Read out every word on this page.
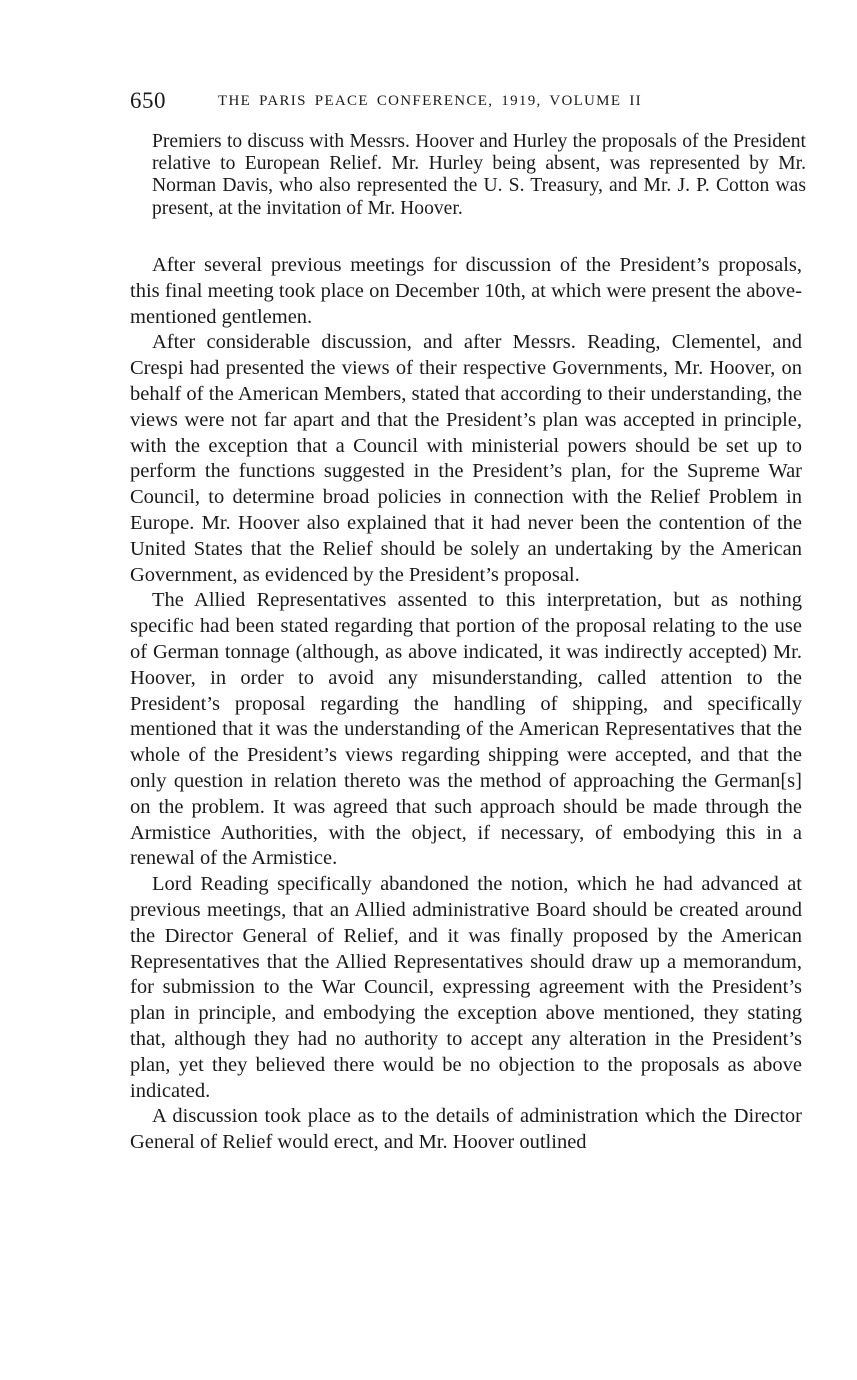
650	THE PARIS PEACE CONFERENCE, 1919, VOLUME II

Premiers to discuss with Messrs. Hoover and Hurley the proposals of the President relative to European Relief. Mr. Hurley being absent, was represented by Mr. Norman Davis, who also represented the U. S. Treasury, and Mr. J. P. Cotton was present, at the invitation of Mr. Hoover.

After several previous meetings for discussion of the President’s proposals, this final meeting took place on December 10th, at which were present the above-mentioned gentlemen.

After considerable discussion, and after Messrs. Reading, Clementel, and Crespi had presented the views of their respective Governments, Mr. Hoover, on behalf of the American Members, stated that according to their understanding, the views were not far apart and that the President’s plan was accepted in principle, with the exception that a Council with ministerial powers should be set up to perform the functions suggested in the President’s plan, for the Supreme War Council, to determine broad policies in connection with the Relief Problem in Europe. Mr. Hoover also explained that it had never been the contention of the United States that the Relief should be solely an undertaking by the American Government, as evidenced by the President’s proposal.

The Allied Representatives assented to this interpretation, but as nothing specific had been stated regarding that portion of the proposal relating to the use of German tonnage (although, as above indicated, it was indirectly accepted) Mr. Hoover, in order to avoid any misunderstanding, called attention to the President’s proposal regarding the handling of shipping, and specifically mentioned that it was the understanding of the American Representatives that the whole of the President’s views regarding shipping were accepted, and that the only question in relation thereto was the method of approaching the German[s] on the problem. It was agreed that such approach should be made through the Armistice Authorities, with the object, if necessary, of embodying this in a renewal of the Armistice.

Lord Reading specifically abandoned the notion, which he had advanced at previous meetings, that an Allied administrative Board should be created around the Director General of Relief, and it was finally proposed by the American Representatives that the Allied Representatives should draw up a memorandum, for submission to the War Council, expressing agreement with the President’s plan in principle, and embodying the exception above mentioned, they stating that, although they had no authority to accept any alteration in the President’s plan, yet they believed there would be no objection to the proposals as above indicated.

A discussion took place as to the details of administration which the Director General of Relief would erect, and Mr. Hoover outlined
